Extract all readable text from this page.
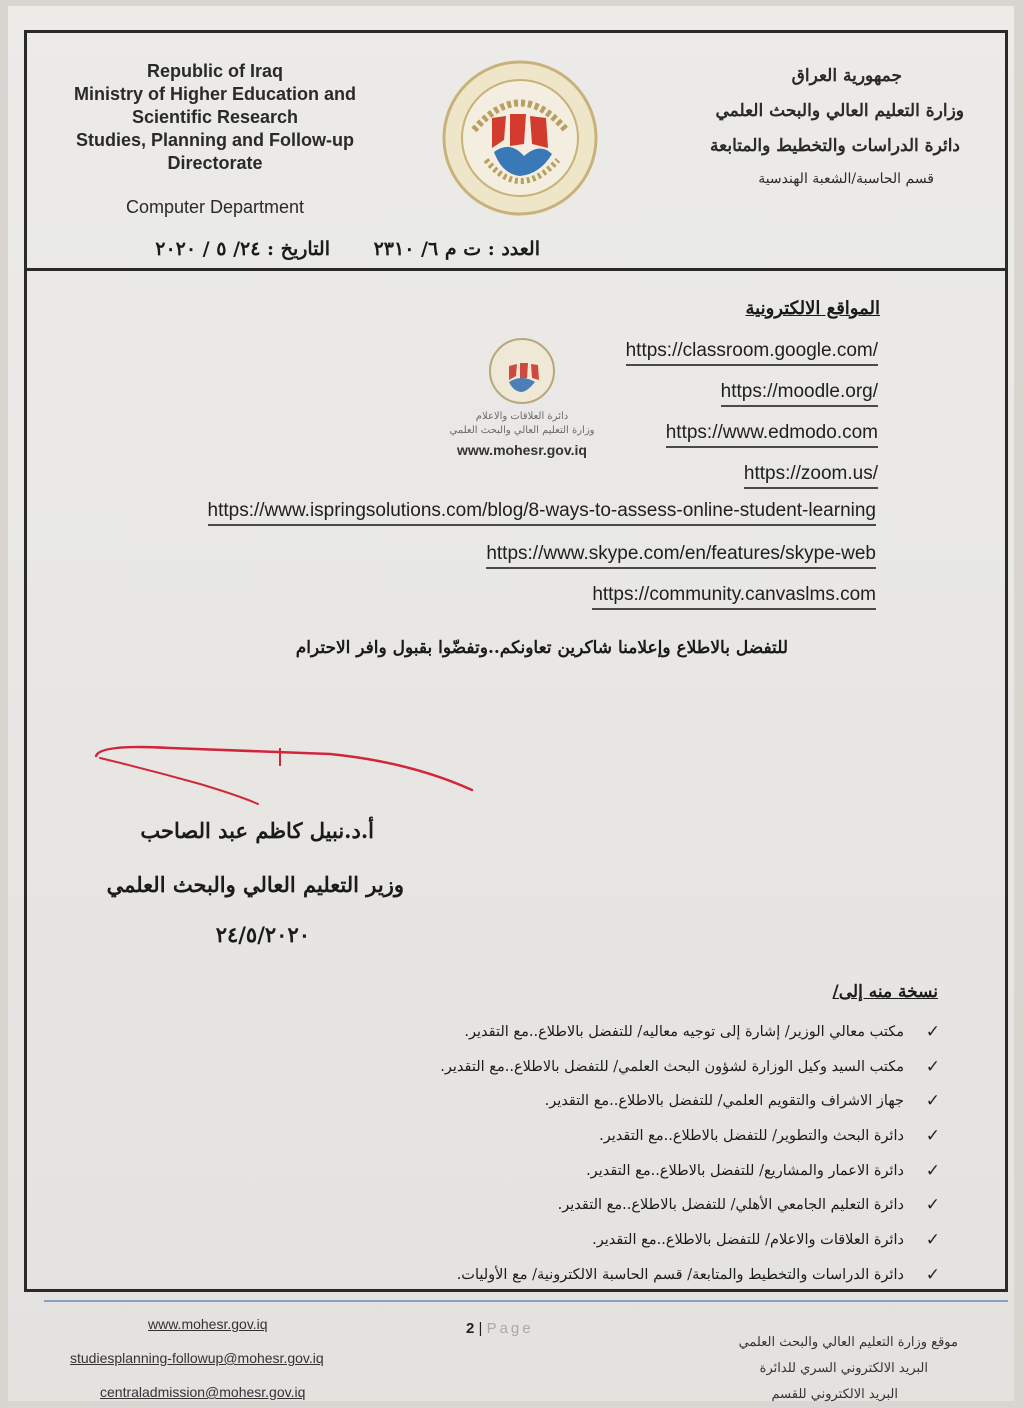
Republic of Iraq
Ministry of Higher Education and
Scientific Research
Studies, Planning and Follow-up
Directorate
Computer Department
جمهورية العراق
وزارة التعليم العالي والبحث العلمي
دائرة الدراسات والتخطيط والمتابعة
قسم الحاسبة/الشعبة الهندسية
العدد : ت م ٦/ ٢٣١٠
التاريخ : ٢٤/ ٥ / ٢٠٢٠
دائرة العلاقات والاعلام
وزارة التعليم العالي والبحث العلمي
www.mohesr.gov.iq
المواقع الالكترونية
https://classroom.google.com/
https://moodle.org/
https://www.edmodo.com
https://zoom.us/
https://www.ispringsolutions.com/blog/8-ways-to-assess-online-student-learning
https://www.skype.com/en/features/skype-web
https://community.canvaslms.com
للتفضل بالاطلاع وإعلامنا شاكرين تعاونكم..وتفضّوا بقبول وافر الاحترام
أ.د.نبيل كاظم عبد الصاحب
وزير التعليم العالي والبحث العلمي
٢٤/٥/٢٠٢٠
نسخة منه إلى/
✓
مكتب معالي الوزير/ إشارة إلى توجيه معاليه/ للتفضل بالاطلاع..مع التقدير.
✓
مكتب السيد وكيل الوزارة لشؤون البحث العلمي/ للتفضل بالاطلاع..مع التقدير.
✓
جهاز الاشراف والتقويم العلمي/ للتفضل بالاطلاع..مع التقدير.
✓
دائرة البحث والتطوير/ للتفضل بالاطلاع..مع التقدير.
✓
دائرة الاعمار والمشاريع/ للتفضل بالاطلاع..مع التقدير.
✓
دائرة التعليم الجامعي الأهلي/ للتفضل بالاطلاع..مع التقدير.
✓
دائرة العلاقات والاعلام/ للتفضل بالاطلاع..مع التقدير.
✓
دائرة الدراسات والتخطيط والمتابعة/ قسم الحاسبة الالكترونية/ مع الأوليات.
www.mohesr.gov.iq
studiesplanning-followup@mohesr.gov.iq
centraladmission@mohesr.gov.iq
2 | Page
موقع وزارة التعليم العالي والبحث العلمي
البريد الالكتروني السري للدائرة
البريد الالكتروني للقسم
